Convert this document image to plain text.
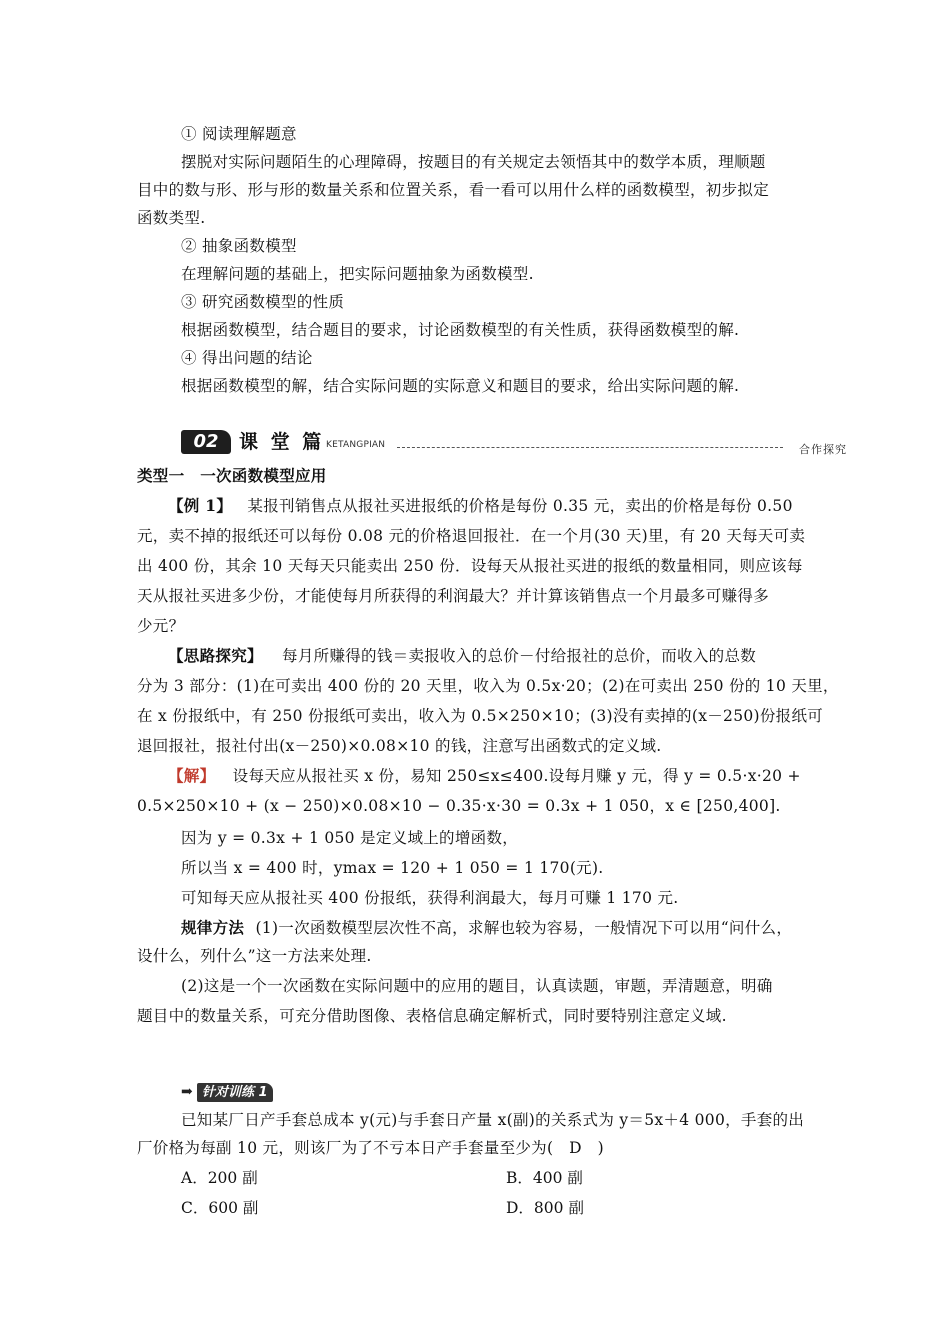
① 阅读理解题意
摆脱对实际问题陌生的心理障碍，按题目的有关规定去领悟其中的数学本质，理顺题
目中的数与形、形与形的数量关系和位置关系，看一看可以用什么样的函数模型，初步拟定
函数类型.
② 抽象函数模型
在理解问题的基础上，把实际问题抽象为函数模型.
③ 研究函数模型的性质
根据函数模型，结合题目的要求，讨论函数模型的有关性质，获得函数模型的解.
④ 得出问题的结论
根据函数模型的解，结合实际问题的实际意义和题目的要求，给出实际问题的解.
02	课 堂 篇 KETANGPIAN	合作探究
类型一　一次函数模型应用
【例 1】 某报刊销售点从报社买进报纸的价格是每份 0.35 元，卖出的价格是每份 0.50
元，卖不掉的报纸还可以每份 0.08 元的价格退回报社．在一个月(30 天)里，有 20 天每天可卖
出 400 份，其余 10 天每天只能卖出 250 份．设每天从报社买进的报纸的数量相同，则应该每
天从报社买进多少份，才能使每月所获得的利润最大？并计算该销售点一个月最多可赚得多
少元？
【思路探究】 每月所赚得的钱＝卖报收入的总价－付给报社的总价，而收入的总数
分为 3 部分：(1)在可卖出 400 份的 20 天里，收入为 0.5x·20；(2)在可卖出 250 份的 10 天里，
在 x 份报纸中，有 250 份报纸可卖出，收入为 0.5×250×10；(3)没有卖掉的(x－250)份报纸可
退回报社，报社付出(x－250)×0.08×10 的钱，注意写出函数式的定义域.
【解】 设每天应从报社买 x 份，易知 250≤x≤400.设每月赚 y 元，得 y = 0.5·x·20 +
0.5×250×10 + (x − 250)×0.08×10 − 0.35·x·30 = 0.3x + 1 050，x ∈ [250,400].
因为 y = 0.3x + 1 050 是定义域上的增函数，
所以当 x = 400 时，ymax = 120 + 1 050 = 1 170(元).
可知每天应从报社买 400 份报纸，获得利润最大，每月可赚 1 170 元.
规律方法 (1)一次函数模型层次性不高，求解也较为容易，一般情况下可以用“问什么，
设什么，列什么”这一方法来处理.
(2)这是一个一次函数在实际问题中的应用的题目，认真读题，审题，弄清题意，明确
题目中的数量关系，可充分借助图像、表格信息确定解析式，同时要特别注意定义域.
➡ 针对训练 1
已知某厂日产手套总成本 y(元)与手套日产量 x(副)的关系式为 y＝5x＋4 000，手套的出
厂价格为每副 10 元，则该厂为了不亏本日产手套量至少为(　D　)
A．200 副	B．400 副
C．600 副	D．800 副
